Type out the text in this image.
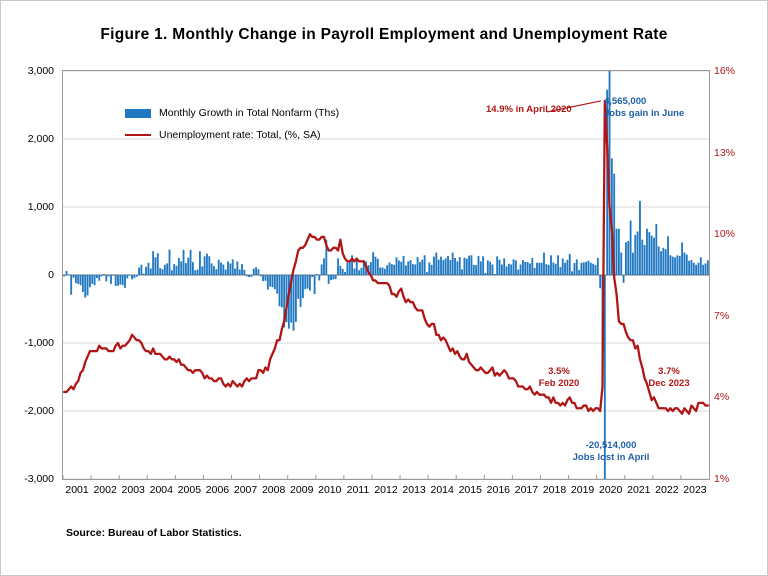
Figure 1. Monthly Change in Payroll Employment and Unemployment Rate
Monthly Growth in Total Nonfarm (Ths)
Unemployment rate: Total, (%, SA)
Source: Bureau of Labor Statistics.
3,000
2,000
1,000
0
-1,000
-2,000
-3,000
16%
13%
10%
7%
4%
1%
2001 2002 2003 2004 2005 2006 2007 2008 2009 2010 2011 2012 2013 2014 2015 2016 2017 2018 2019 2020 2021 2022 2023
14.9% in April 2020
4,565,000
Jobs gain in June
3.5%
Feb 2020
3.7%
Dec 2023
-20,514,000
Jobs lost in April
